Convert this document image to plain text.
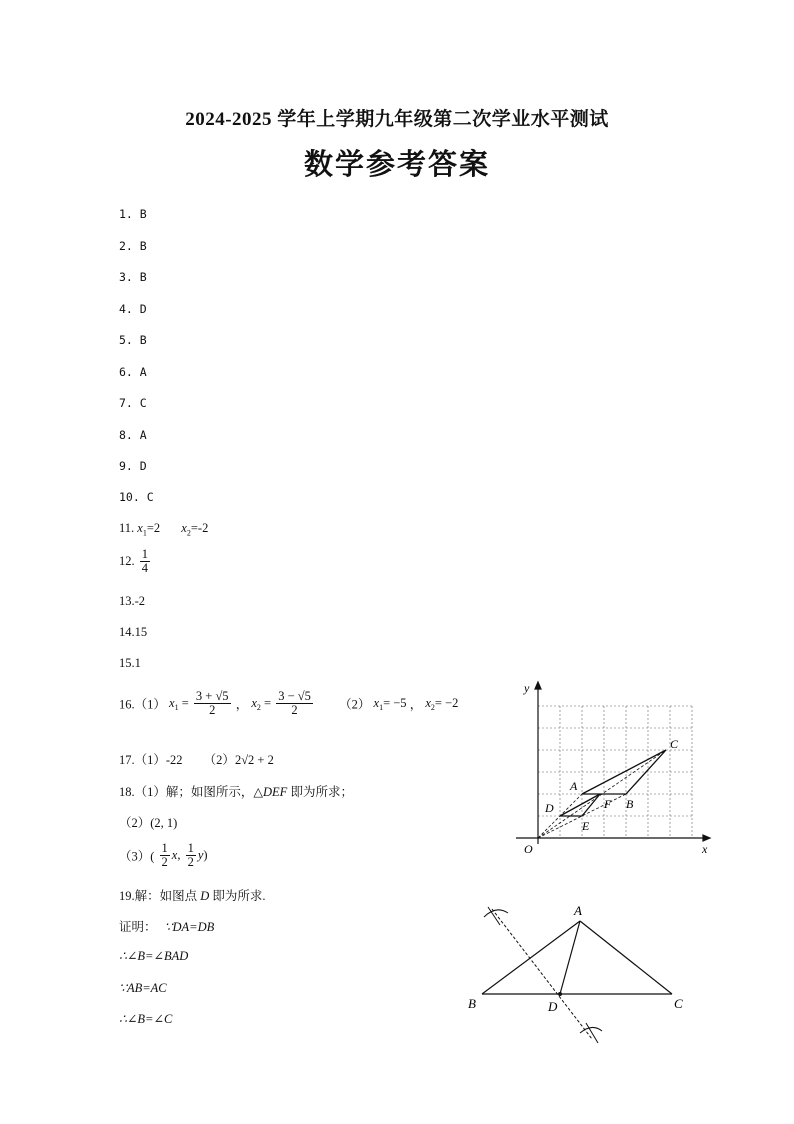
2024-2025 学年上学期九年级第二次学业水平测试
数学参考答案
1. B
2. B
3. B
4. D
5. B
6. A
7. C
8. A
9. D
10. C
11. $x_1=2$ $x_2=-2$
12. $\frac{1}{4}$
13.-2
14.15
15.1
16.（1） $x_1 = \frac{3 + √5}{2}$ ， $x_2 = \frac{3 - √5}{2} (2)$ $x_1= -5$ ， $x_2= -2$
17.（1）-22 （2）2√2 + 2
18.（1）解；如图所示，△DEF 即为所求；
（2）(2, 1)
$(3)( \frac{1}{2} x$, $\frac{1}{2} y$)
19.解：如图点 D 即为所求.
证明： ∵DA=DB
∴∠B=∠BAD
∵AB=AC
∴∠B=∠C
y
x
O
A
B
C
D
E
F
A
B	C
D
